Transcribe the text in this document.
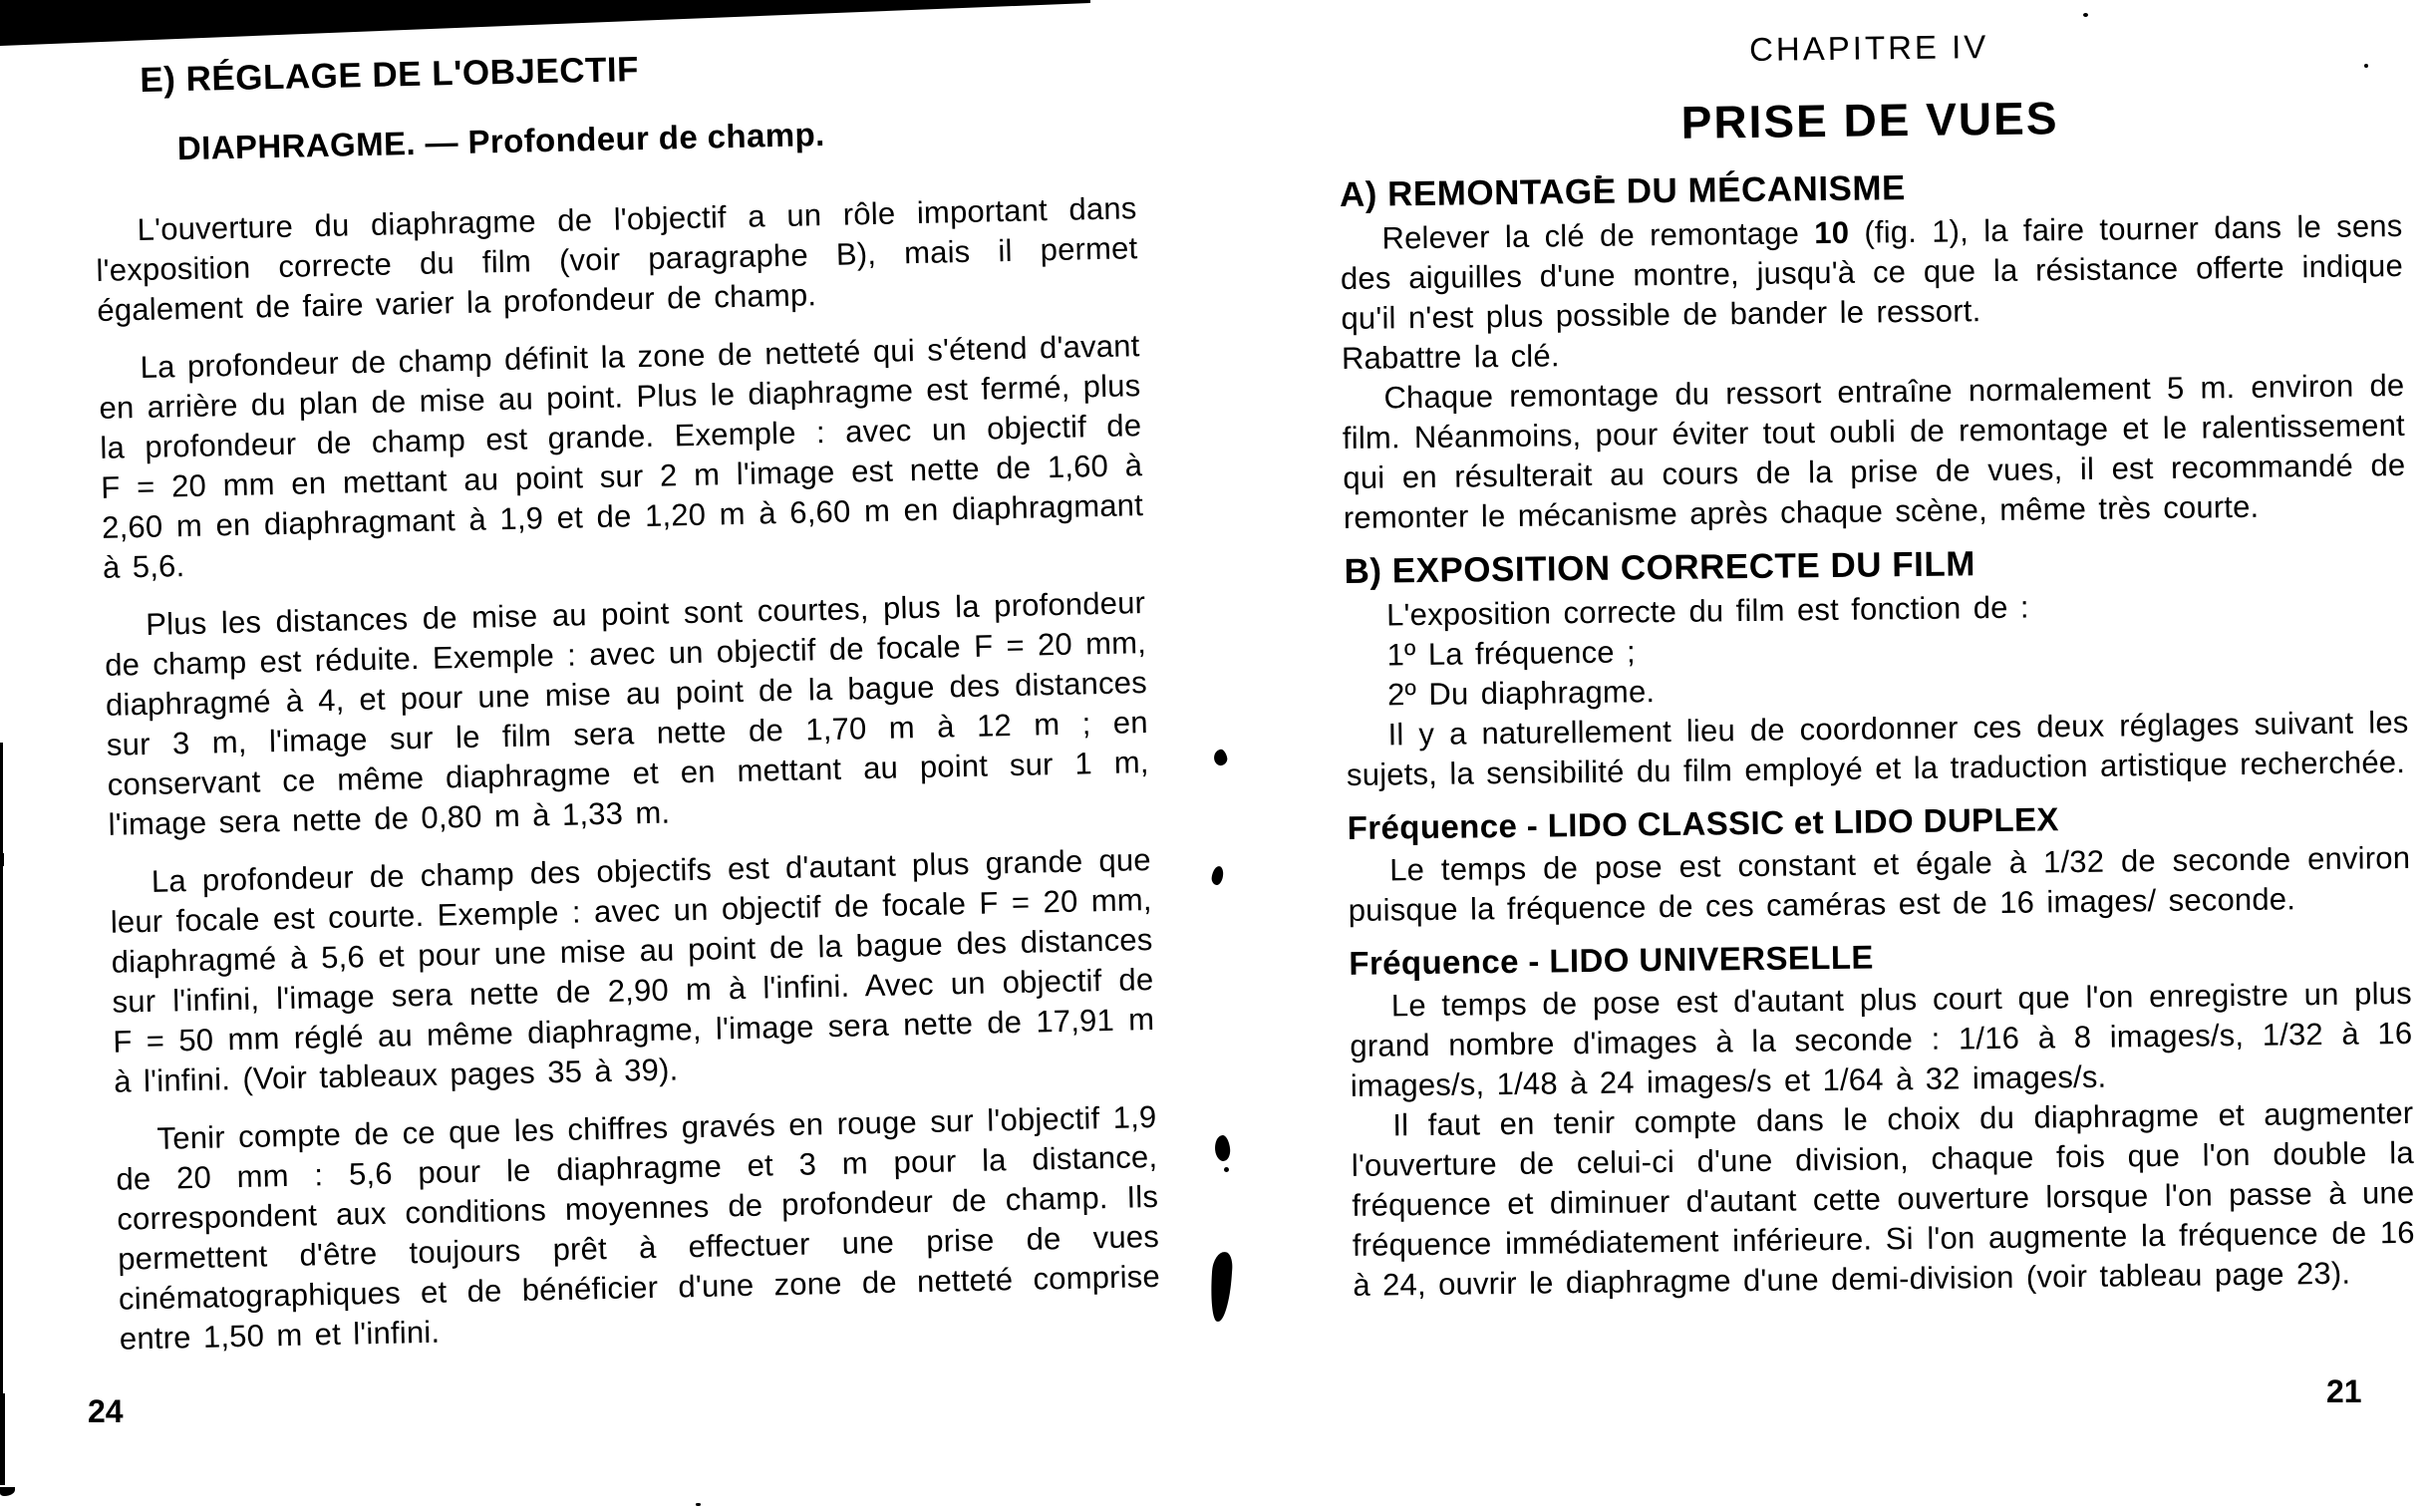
E) RÉGLAGE DE L'OBJECTIF
DIAPHRAGME. — Profondeur de champ.

L'ouverture du diaphragme de l'objectif a un rôle important dans l'exposition correcte du film (voir paragraphe B), mais il permet également de faire varier la profondeur de champ.

La profondeur de champ définit la zone de netteté qui s'étend d'avant en arrière du plan de mise au point. Plus le diaphragme est fermé, plus la profondeur de champ est grande. Exemple : avec un objectif de F = 20 mm en mettant au point sur 2 m l'image est nette de 1,60 à 2,60 m en diaphragmant à 1,9 et de 1,20 m à 6,60 m en diaphragmant à 5,6.

Plus les distances de mise au point sont courtes, plus la profondeur de champ est réduite. Exemple : avec un objectif de focale F = 20 mm, diaphragmé à 4, et pour une mise au point de la bague des distances sur 3 m, l'image sur le film sera nette de 1,70 m à 12 m ; en conservant ce même diaphragme et en mettant au point sur 1 m, l'image sera nette de 0,80 m à 1,33 m.

La profondeur de champ des objectifs est d'autant plus grande que leur focale est courte. Exemple : avec un objectif de focale F = 20 mm, diaphragmé à 5,6 et pour une mise au point de la bague des distances sur l'infini, l'image sera nette de 2,90 m à l'infini. Avec un objectif de F = 50 mm réglé au même diaphragme, l'image sera nette de 17,91 m à l'infini. (Voir tableaux pages 35 à 39).

Tenir compte de ce que les chiffres gravés en rouge sur l'objectif 1,9 de 20 mm : 5,6 pour le diaphragme et 3 m pour la distance, correspondent aux conditions moyennes de profondeur de champ. Ils permettent d'être toujours prêt à effectuer une prise de vues cinématographiques et de bénéficier d'une zone de netteté comprise entre 1,50 m et l'infini.

24
CHAPITRE IV
PRISE DE VUES
A) REMONTAGE DU MÉCANISME

Relever la clé de remontage 10 (fig. 1), la faire tourner dans le sens des aiguilles d'une montre, jusqu'à ce que la résistance offerte indique qu'il n'est plus possible de bander le ressort.

Rabattre la clé.

Chaque remontage du ressort entraîne normalement 5 m. environ de film. Néanmoins, pour éviter tout oubli de remontage et le ralentissement qui en résulterait au cours de la prise de vues, il est recommandé de remonter le mécanisme après chaque scène, même très courte.

B) EXPOSITION CORRECTE DU FILM

L'exposition correcte du film est fonction de :

1º La fréquence ;

2º Du diaphragme.

Il y a naturellement lieu de coordonner ces deux réglages suivant les sujets, la sensibilité du film employé et la traduction artistique recherchée.

Fréquence - LIDO CLASSIC et LIDO DUPLEX

Le temps de pose est constant et égale à 1/32 de seconde environ puisque la fréquence de ces caméras est de 16 images/ seconde.

Fréquence - LIDO UNIVERSELLE

Le temps de pose est d'autant plus court que l'on enregistre un plus grand nombre d'images à la seconde : 1/16 à 8 images/s, 1/32 à 16 images/s, 1/48 à 24 images/s et 1/64 à 32 images/s.

Il faut en tenir compte dans le choix du diaphragme et augmenter l'ouverture de celui-ci d'une division, chaque fois que l'on double la fréquence et diminuer d'autant cette ouverture lorsque l'on passe à une fréquence immédiatement inférieure. Si l'on augmente la fréquence de 16 à 24, ouvrir le diaphragme d'une demi-division (voir tableau page 23).

21
